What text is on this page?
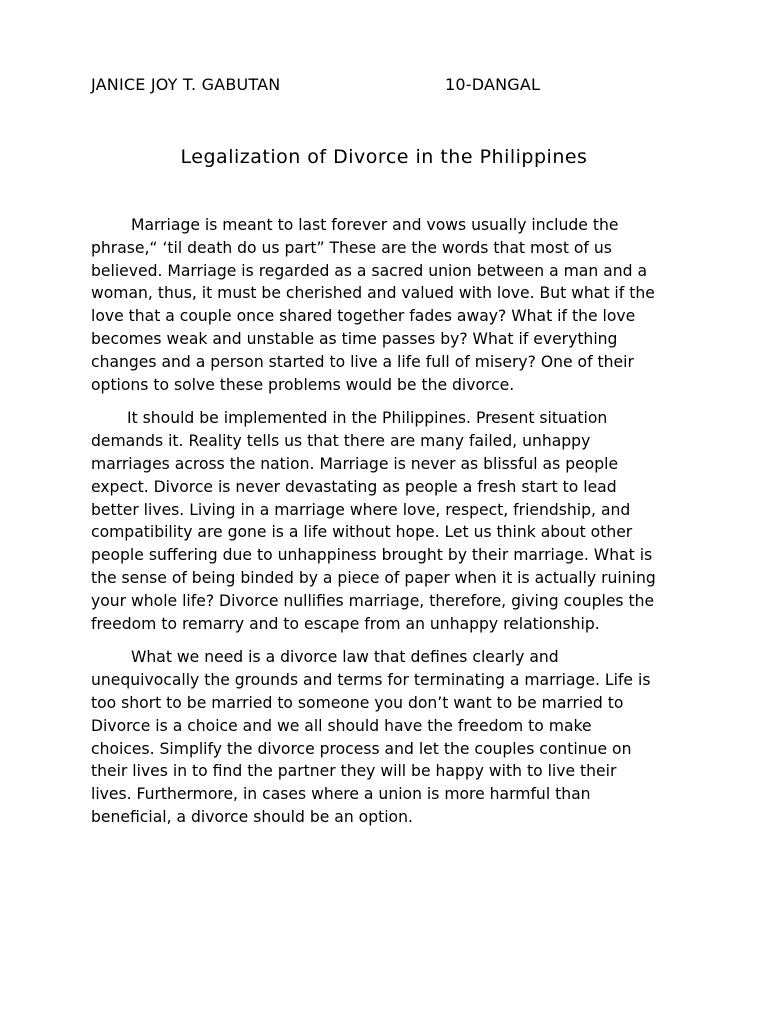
JANICE JOY T. GABUTAN	10-DANGAL
Legalization of Divorce in the Philippines

Marriage is meant to last forever and vows usually include the
phrase,“ ‘til death do us part” These are the words that most of us
believed. Marriage is regarded as a sacred union between a man and a
woman, thus, it must be cherished and valued with love. But what if the
love that a couple once shared together fades away? What if the love
becomes weak and unstable as time passes by? What if everything
changes and a person started to live a life full of misery? One of their
options to solve these problems would be the divorce.

It should be implemented in the Philippines. Present situation
demands it. Reality tells us that there are many failed, unhappy
marriages across the nation. Marriage is never as blissful as people
expect. Divorce is never devastating as people a fresh start to lead
better lives. Living in a marriage where love, respect, friendship, and
compatibility are gone is a life without hope. Let us think about other
people suffering due to unhappiness brought by their marriage. What is
the sense of being binded by a piece of paper when it is actually ruining
your whole life? Divorce nullifies marriage, therefore, giving couples the
freedom to remarry and to escape from an unhappy relationship.

What we need is a divorce law that defines clearly and
unequivocally the grounds and terms for terminating a marriage. Life is
too short to be married to someone you don’t want to be married to
Divorce is a choice and we all should have the freedom to make
choices. Simplify the divorce process and let the couples continue on
their lives in to find the partner they will be happy with to live their
lives. Furthermore, in cases where a union is more harmful than
beneficial, a divorce should be an option.
